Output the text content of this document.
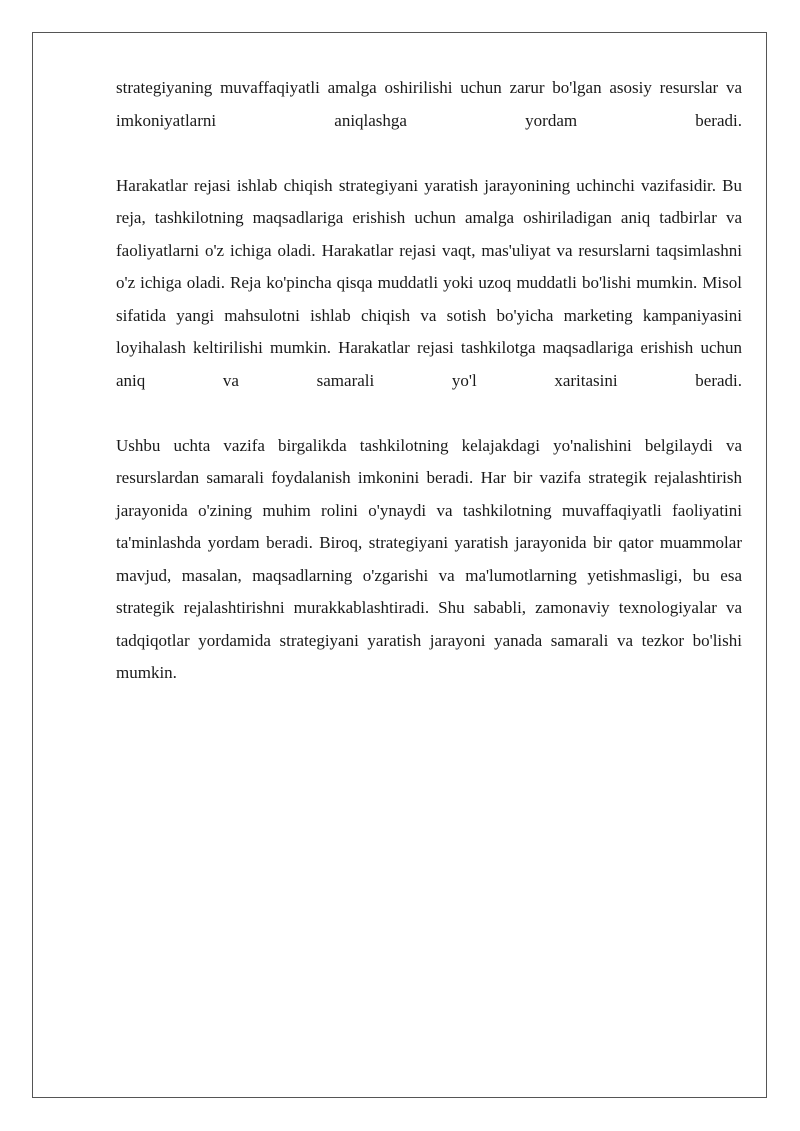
strategiyaning muvaffaqiyatli amalga oshirilishi uchun zarur bo'lgan asosiy resurslar va imkoniyatlarni aniqlashga yordam beradi.

Harakatlar rejasi ishlab chiqish strategiyani yaratish jarayonining uchinchi vazifasidir. Bu reja, tashkilotning maqsadlariga erishish uchun amalga oshiriladigan aniq tadbirlar va faoliyatlarni o'z ichiga oladi. Harakatlar rejasi vaqt, mas'uliyat va resurslarni taqsimlashni o'z ichiga oladi. Reja ko'pincha qisqa muddatli yoki uzoq muddatli bo'lishi mumkin. Misol sifatida yangi mahsulotni ishlab chiqish va sotish bo'yicha marketing kampaniyasini loyihalash keltirilishi mumkin. Harakatlar rejasi tashkilotga maqsadlariga erishish uchun aniq va samarali yo'l xaritasini beradi.

Ushbu uchta vazifa birgalikda tashkilotning kelajakdagi yo'nalishini belgilaydi va resurslardan samarali foydalanish imkonini beradi. Har bir vazifa strategik rejalashtirish jarayonida o'zining muhim rolini o'ynaydi va tashkilotning muvaffaqiyatli faoliyatini ta'minlashda yordam beradi. Biroq, strategiyani yaratish jarayonida bir qator muammolar mavjud, masalan, maqsadlarning o'zgarishi va ma'lumotlarning yetishmasligi, bu esa strategik rejalashtirishni murakkablashtiradi. Shu sababli, zamonaviy texnologiyalar va tadqiqotlar yordamida strategiyani yaratish jarayoni yanada samarali va tezkor bo'lishi mumkin.
